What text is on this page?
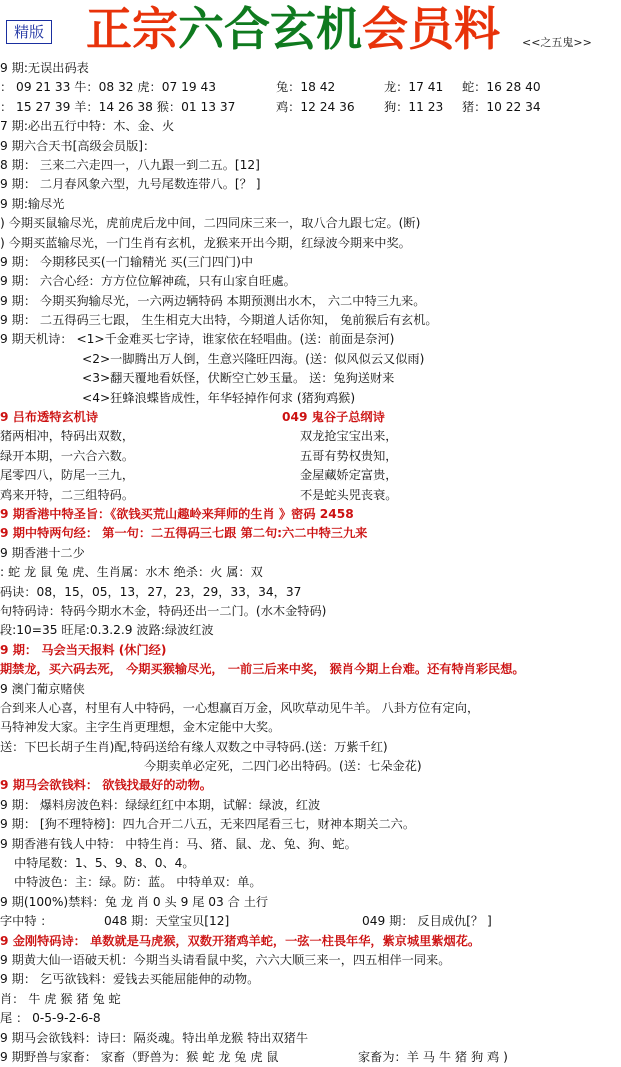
精版 正宗六合玄机会员料 <<之五鬼>>
9 期:无误出码表
： 09 21 33 牛：08 32 虎：07 19 43	兔：18 42	龙：17 41 蛇：16 28 40
： 15 27 39 羊：14 26 38 猴：01 13 37	鸡：12 24 36 狗：11 23 猪：10 22 34
7 期:必出五行中特：木、金、火
9 期六合天书[高级会员版]：
8 期： 三来二六走四一，八九跟一到二五。[12]
9 期： 二月春风象六型，九号尾数连带八。[？ ]
9 期:输尽光
) 今期买鼠输尽光，虎前虎后龙中间，二四同床三来一，取八合九跟七定。(断)
) 今期买蓝输尽光，一门生肖有玄机，龙猴来开出今期，红绿波今期来中奖。
9 期： 今期移民买(一门输精光 买(三门四门)中
9 期： 六合心经：方方位位解神疏，只有山家自旺處。
9 期： 今期买狗输尽光，一六两边辆特码 本期预测出水木， 六二中特三九来。
9 期： 二五得码三七跟， 生生相克大出特，今期道人话你知， 兔前猴后有玄机。
9 期天机诗： <1>千金难买七字诗，谁家依在轻唱曲。(送：前面是奈河)
<2>一脚腾出万人倒，生意兴隆旺四海。(送：似风似云又似雨)
<3>翻天覆地看妖怪，伏断空亡妙玉量。 送：兔狗送财来
<4>狂蜂浪蝶皆成性，年华轻掉作何求 (猪狗鸡猴)
9 吕布透特玄机诗	049 鬼谷子总纲诗
猪两相冲，特码出双数，	双龙抢宝宝出来，
绿开本期，一六合六数。	五哥有势权贵知，
尾零四八，防尾一三九，	金屋藏娇定富贵，
鸡来开特，二三组特码。	不是蛇头兕丧衰。
9 期香港中特圣旨：《欲钱买荒山趣岭来拜师的生肖 》密码 2458
9 期中特两句经： 第一句：二五得码三七跟 第二句:六二中特三九来
9 期香港十二少
: 蛇 龙 鼠 兔 虎、生肖属：水木 绝杀：火 属：双
码诀：08，15，05，13，27，23，29，33，34，37
句特码诗：特码今期水木金，特码还出一二门。(水木金特码)
段:10=35 旺尾:0.3.2.9 波路:绿波红波
9 期： 马会当天报料 (休门经)
期禁龙，买六码去死， 今期买猴输尽光， 一前三后来中奖， 猴肖今期上台难。还有特肖彩民想。
9 澳门葡京赌侠
合到来人心喜，村里有人中特码，一心想赢百万金，风吹草动见牛羊。 八卦方位有定向，
马特神发大家。主字生肖更理想，金木定能中大奖。
送：下巴长胡子生肖)配,特码送给有缘人双数之中寻特码.(送：万紫千红)
今期卖单必定死，二四门必出特码。(送：七朵金花)
9 期马会欲钱料： 欲钱找最好的动物。
9 期： 爆料房波色料：绿绿红红中本期，试解：绿波，红波
9 期： [狗不理特榜]：四九合开二八五，无来四尾看三七，财神本期关二六。
9 期香港有钱人中特： 中特生肖：马、猪、鼠、龙、兔、狗、蛇。
中特尾数：1、5、9、8、0、4。
中特波色：主：绿。防：蓝。 中特单双：单。
9 期(100%)禁料：兔 龙 肖 0 头 9 尾 03 合 土行
字中特 ：	048 期：天堂宝贝[12]	049 期： 反目成仇[？ ]
9 金刚特码诗： 单数就是马虎猴，双数开猪鸡羊蛇，一弦一柱畏年华，紫京城里紫烟花。
9 期黄大仙一语破天机：今期当头请看鼠中奖，六六大顺三来一，四五相伴一同来。
9 期： 乞丐欲钱料：爱钱去买能屈能伸的动物。
肖： 牛 虎 猴 猪 兔 蛇
尾 ： 0-5-9-2-6-8
9 期马会欲钱料：诗曰：隔炎魂。特出单龙猴 特出双猪牛
9 期野兽与家畜： 家畜（野兽为：猴 蛇 龙 兔 虎 鼠	家畜为：羊 马 牛 猪 狗 鸡 )
